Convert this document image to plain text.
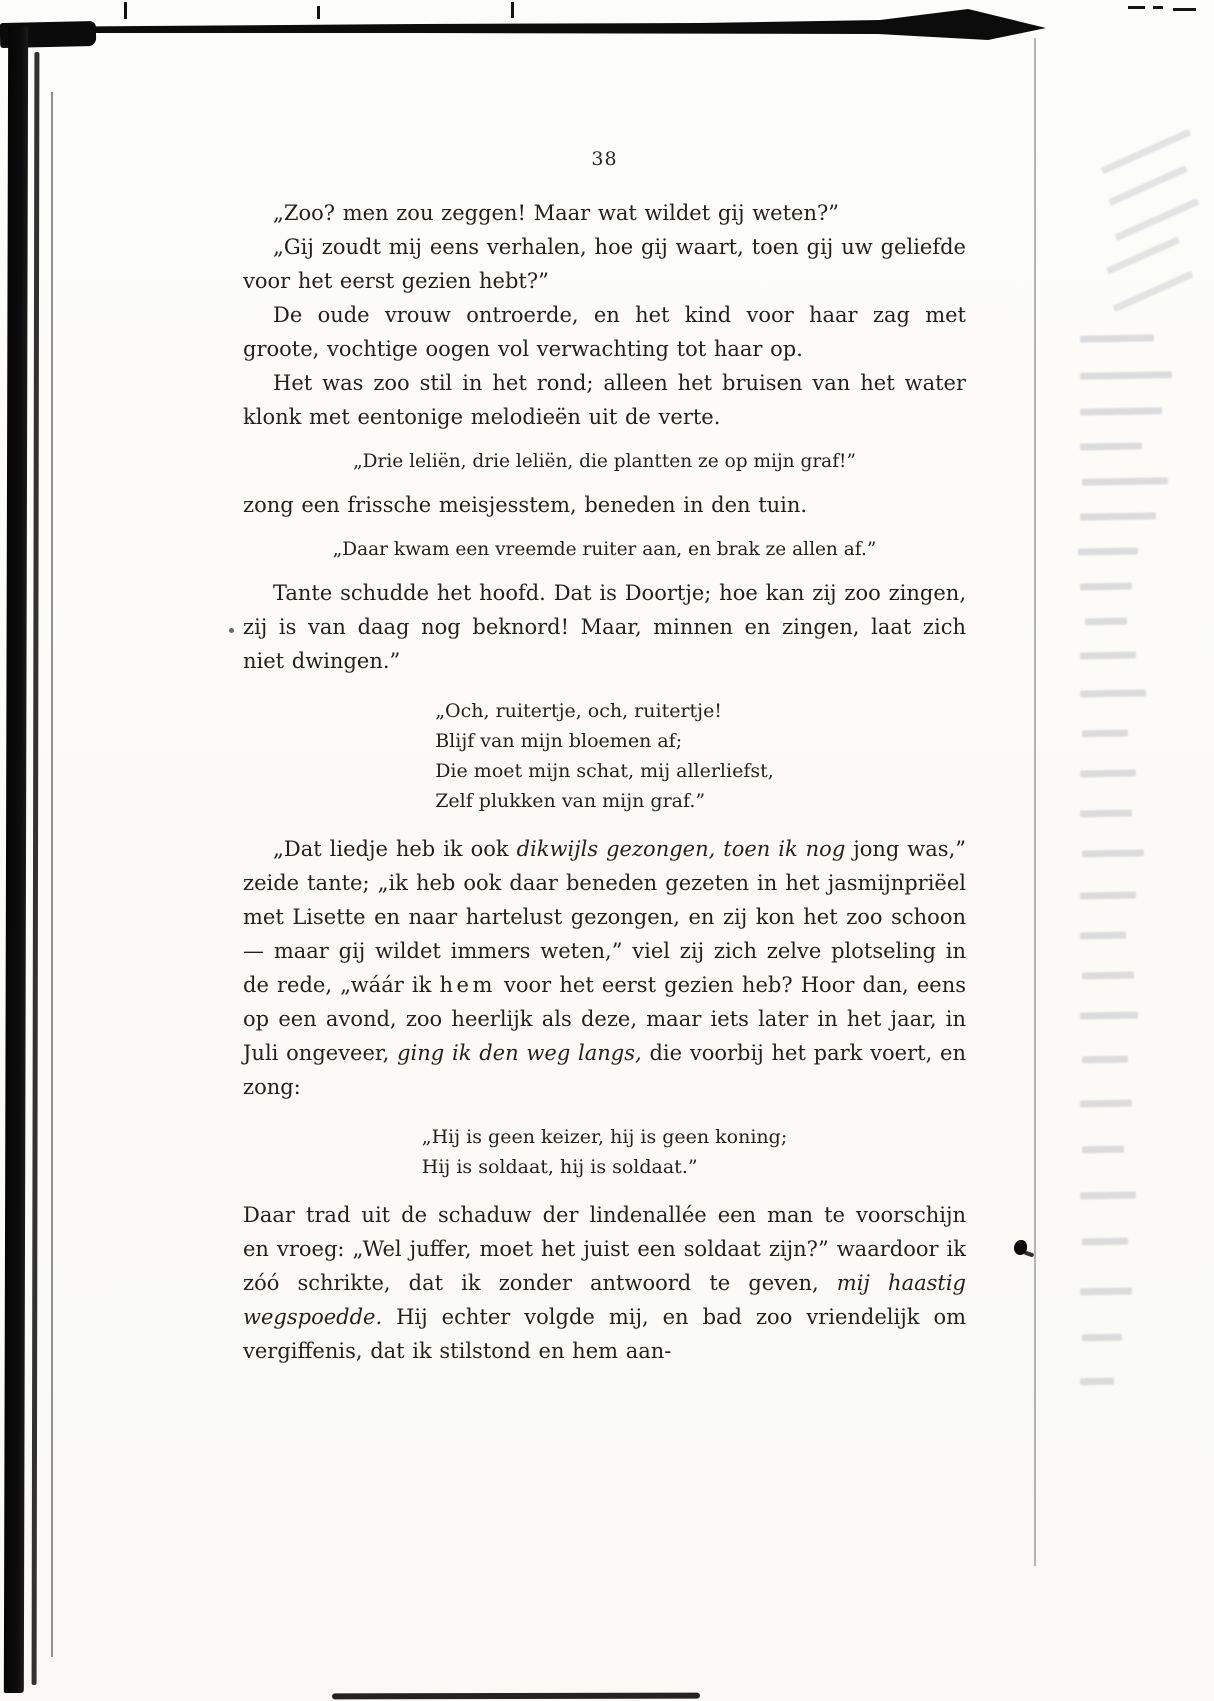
38

„Zoo? men zou zeggen! Maar wat wildet gij weten?”

„Gij zoudt mij eens verhalen, hoe gij waart, toen gij uw geliefde voor het eerst gezien hebt?”

De oude vrouw ontroerde, en het kind voor haar zag met groote, vochtige oogen vol verwachting tot haar op.

Het was zoo stil in het rond; alleen het bruisen van het water klonk met eentonige melodieën uit de verte.

„Drie leliën, drie leliën, die plantten ze op mijn graf!”

zong een frissche meisjesstem, beneden in den tuin.

„Daar kwam een vreemde ruiter aan, en brak ze allen af.”

Tante schudde het hoofd. Dat is Doortje; hoe kan zij zoo zingen, zij is van daag nog beknord! Maar, minnen en zingen, laat zich niet dwingen.”

„Och, ruitertje, och, ruitertje!
Blijf van mijn bloemen af;
Die moet mijn schat, mij allerliefst,
Zelf plukken van mijn graf.”

„Dat liedje heb ik ook dikwijls gezongen, toen ik nog jong was,” zeide tante; „ik heb ook daar beneden gezeten in het jasmijnpriëel met Lisette en naar hartelust gezongen, en zij kon het zoo schoon — maar gij wildet immers weten,” viel zij zich zelve plotseling in de rede, „wáár ik hem voor het eerst gezien heb? Hoor dan, eens op een avond, zoo heerlijk als deze, maar iets later in het jaar, in Juli ongeveer, ging ik den weg langs, die voorbij het park voert, en zong:

„Hij is geen keizer, hij is geen koning;
Hij is soldaat, hij is soldaat.”

Daar trad uit de schaduw der lindenallée een man te voorschijn en vroeg: „Wel juffer, moet het juist een soldaat zijn?” waardoor ik zóó schrikte, dat ik zonder antwoord te geven, mij haastig wegspoedde. Hij echter volgde mij, en bad zoo vriendelijk om vergiffenis, dat ik stilstond en hem aan-
